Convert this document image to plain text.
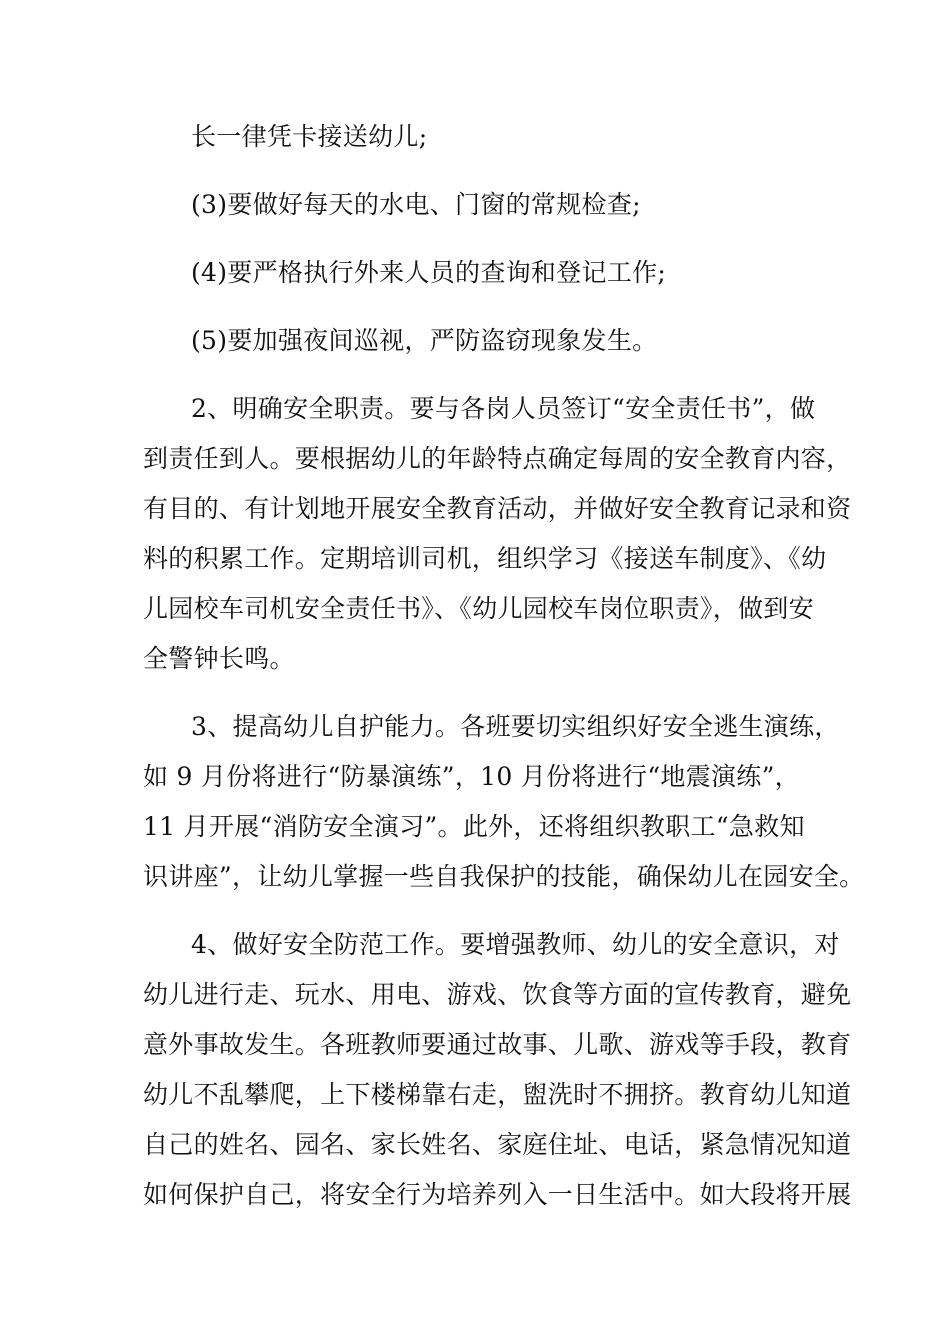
长一律凭卡接送幼儿;
(3)要做好每天的水电、门窗的常规检查;
(4)要严格执行外来人员的查询和登记工作;
(5)要加强夜间巡视，严防盗窃现象发生。
2、明确安全职责。要与各岗人员签订“安全责任书”，做
到责任到人。要根据幼儿的年龄特点确定每周的安全教育内容，
有目的、有计划地开展安全教育活动，并做好安全教育记录和资
料的积累工作。定期培训司机，组织学习《接送车制度》、《幼
儿园校车司机安全责任书》、《幼儿园校车岗位职责》，做到安
全警钟长鸣。
3、提高幼儿自护能力。各班要切实组织好安全逃生演练，
如 9 月份将进行“防暴演练”，10 月份将进行“地震演练”，
11 月开展“消防安全演习”。此外，还将组织教职工“急救知
识讲座”，让幼儿掌握一些自我保护的技能，确保幼儿在园安全。
4、做好安全防范工作。要增强教师、幼儿的安全意识，对
幼儿进行走、玩水、用电、游戏、饮食等方面的宣传教育，避免
意外事故发生。各班教师要通过故事、儿歌、游戏等手段，教育
幼儿不乱攀爬，上下楼梯靠右走，盥洗时不拥挤。教育幼儿知道
自己的姓名、园名、家长姓名、家庭住址、电话，紧急情况知道
如何保护自己，将安全行为培养列入一日生活中。如大段将开展
